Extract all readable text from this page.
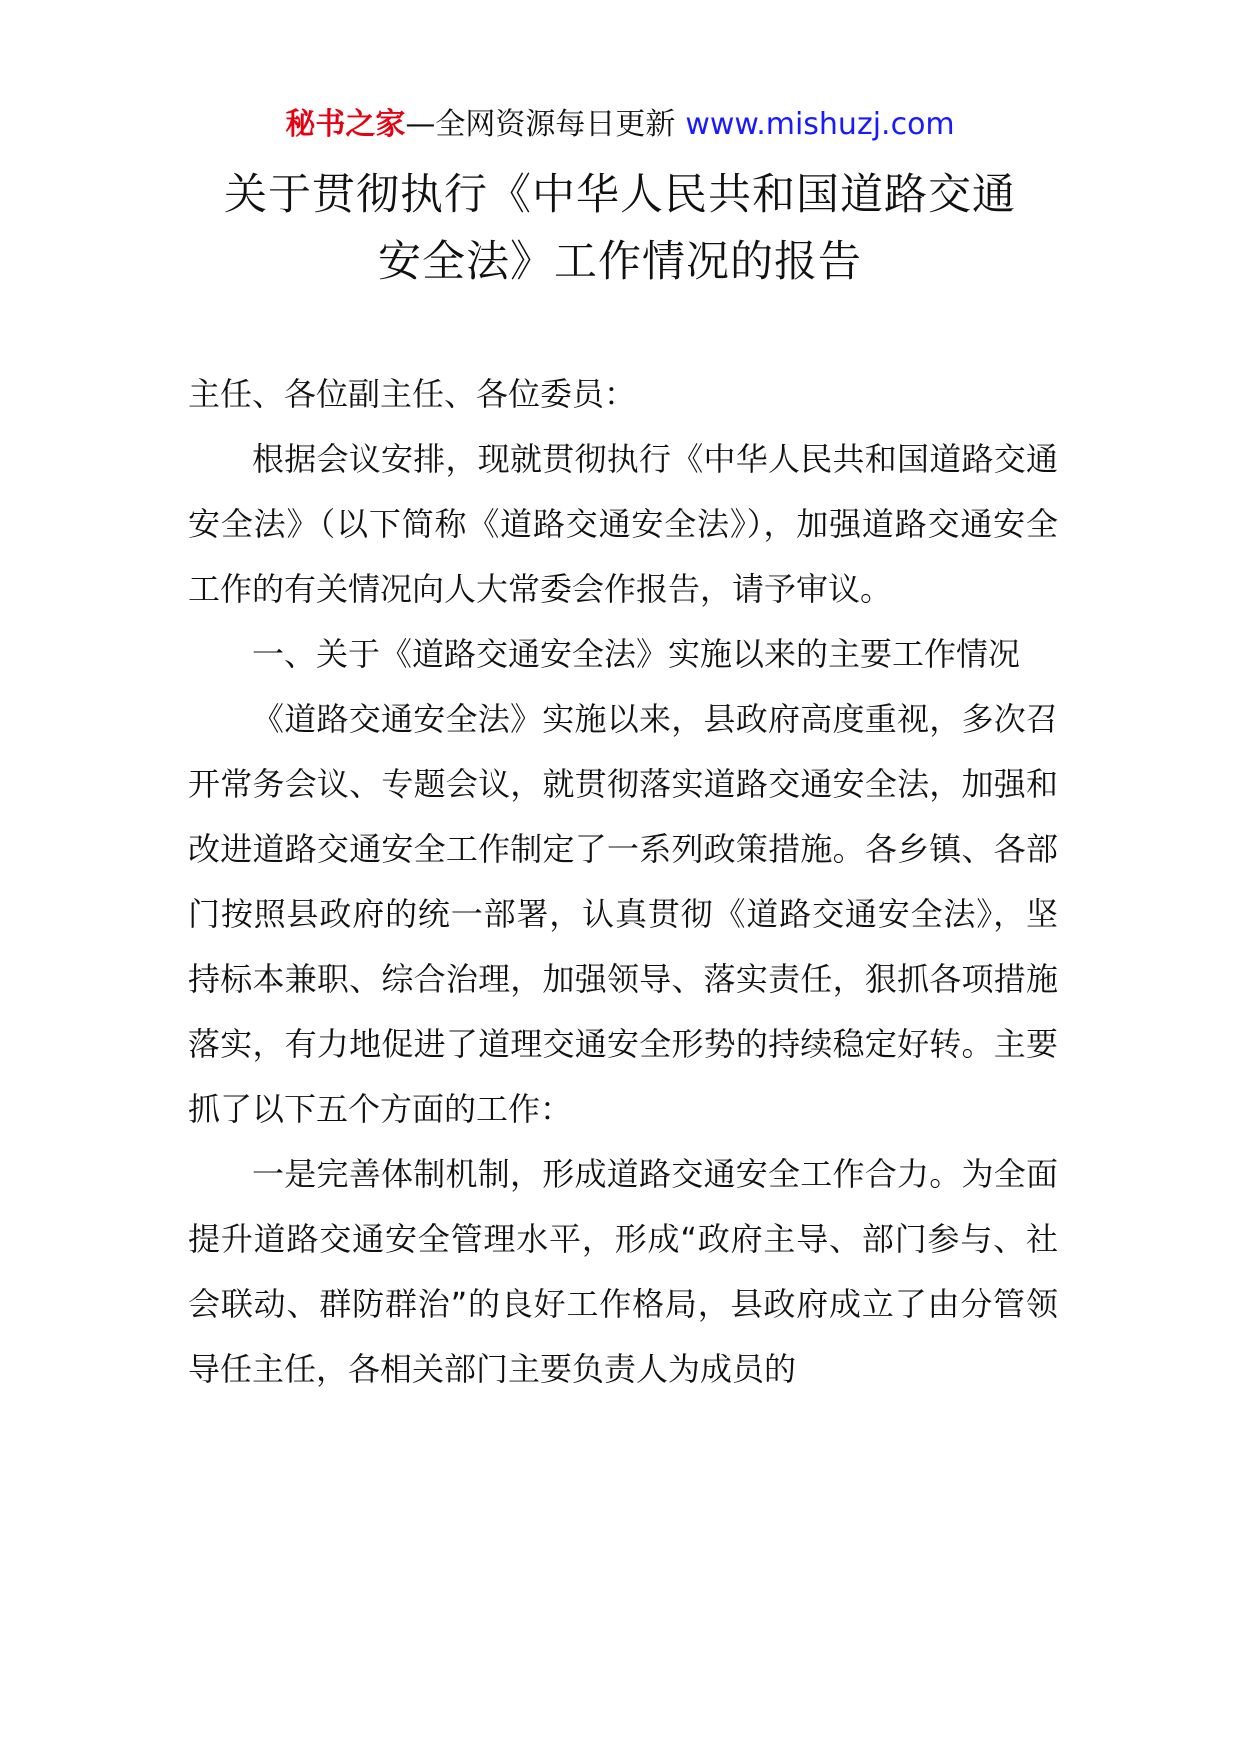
秘书之家—全网资源每日更新 www.mishuzj.com
关于贯彻执行《中华人民共和国道路交通
安全法》工作情况的报告

主任、各位副主任、各位委员：

根据会议安排，现就贯彻执行《中华人民共和国道路交通安全法》（以下简称《道路交通安全法》），加强道路交通安全工作的有关情况向人大常委会作报告，请予审议。

一、关于《道路交通安全法》实施以来的主要工作情况

《道路交通安全法》实施以来，县政府高度重视，多次召开常务会议、专题会议，就贯彻落实道路交通安全法，加强和改进道路交通安全工作制定了一系列政策措施。各乡镇、各部门按照县政府的统一部署，认真贯彻《道路交通安全法》，坚持标本兼职、综合治理，加强领导、落实责任，狠抓各项措施落实，有力地促进了道理交通安全形势的持续稳定好转。主要抓了以下五个方面的工作：

一是完善体制机制，形成道路交通安全工作合力。为全面提升道路交通安全管理水平，形成“政府主导、部门参与、社会联动、群防群治”的良好工作格局，县政府成立了由分管领导任主任，各相关部门主要负责人为成员的
